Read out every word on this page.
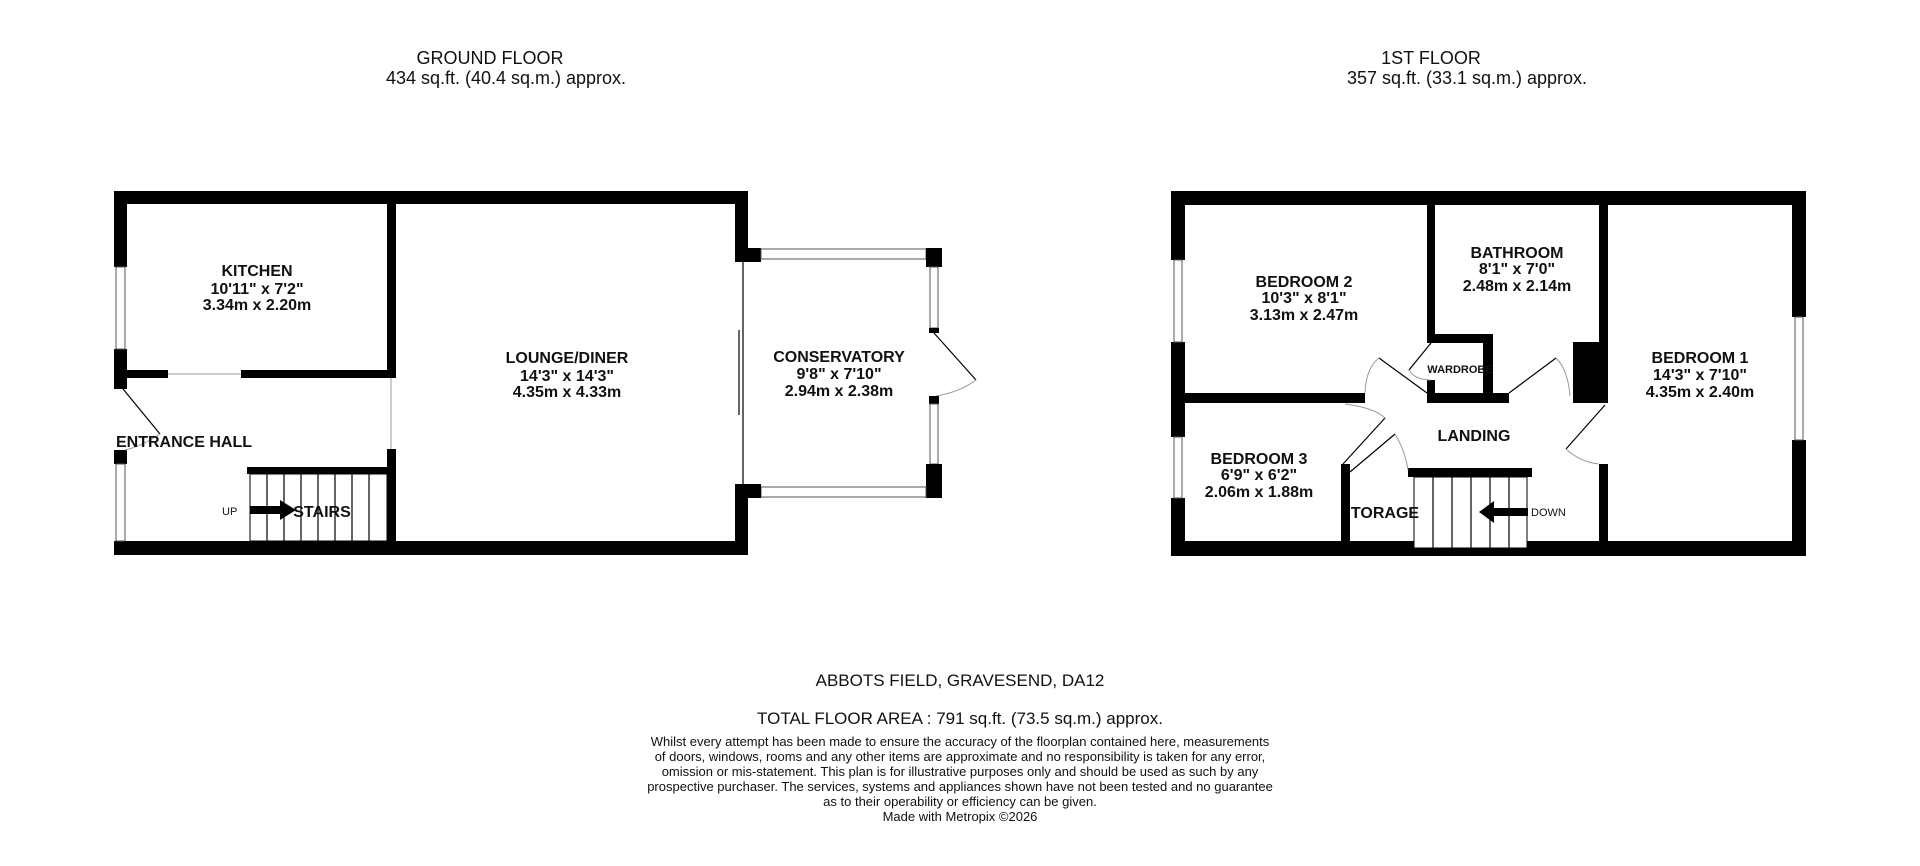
GROUND FLOOR
434 sq.ft. (40.4 sq.m.) approx.
1ST FLOOR
357 sq.ft. (33.1 sq.m.) approx.
KITCHEN
10'11" x 7'2"
3.34m x 2.20m
LOUNGE/DINER
14'3" x 14'3"
4.35m x 4.33m
CONSERVATORY
9'8" x 7'10"
2.94m x 2.38m
ENTRANCE HALL
UP	STAIRS
BEDROOM 2
10'3" x 8'1"
3.13m x 2.47m
BATHROOM
8'1" x 7'0"
2.48m x 2.14m
BEDROOM 1
14'3" x 7'10"
4.35m x 2.40m
WARDROBE
LANDING
BEDROOM 3
6'9" x 6'2"
2.06m x 1.88m
TORAGE	DOWN
ABBOTS FIELD, GRAVESEND, DA12
TOTAL FLOOR AREA : 791 sq.ft. (73.5 sq.m.) approx.
Whilst every attempt has been made to ensure the accuracy of the floorplan contained here, measurements
of doors, windows, rooms and any other items are approximate and no responsibility is taken for any error,
omission or mis-statement. This plan is for illustrative purposes only and should be used as such by any
prospective purchaser. The services, systems and appliances shown have not been tested and no guarantee
as to their operability or efficiency can be given.
Made with Metropix ©2026
